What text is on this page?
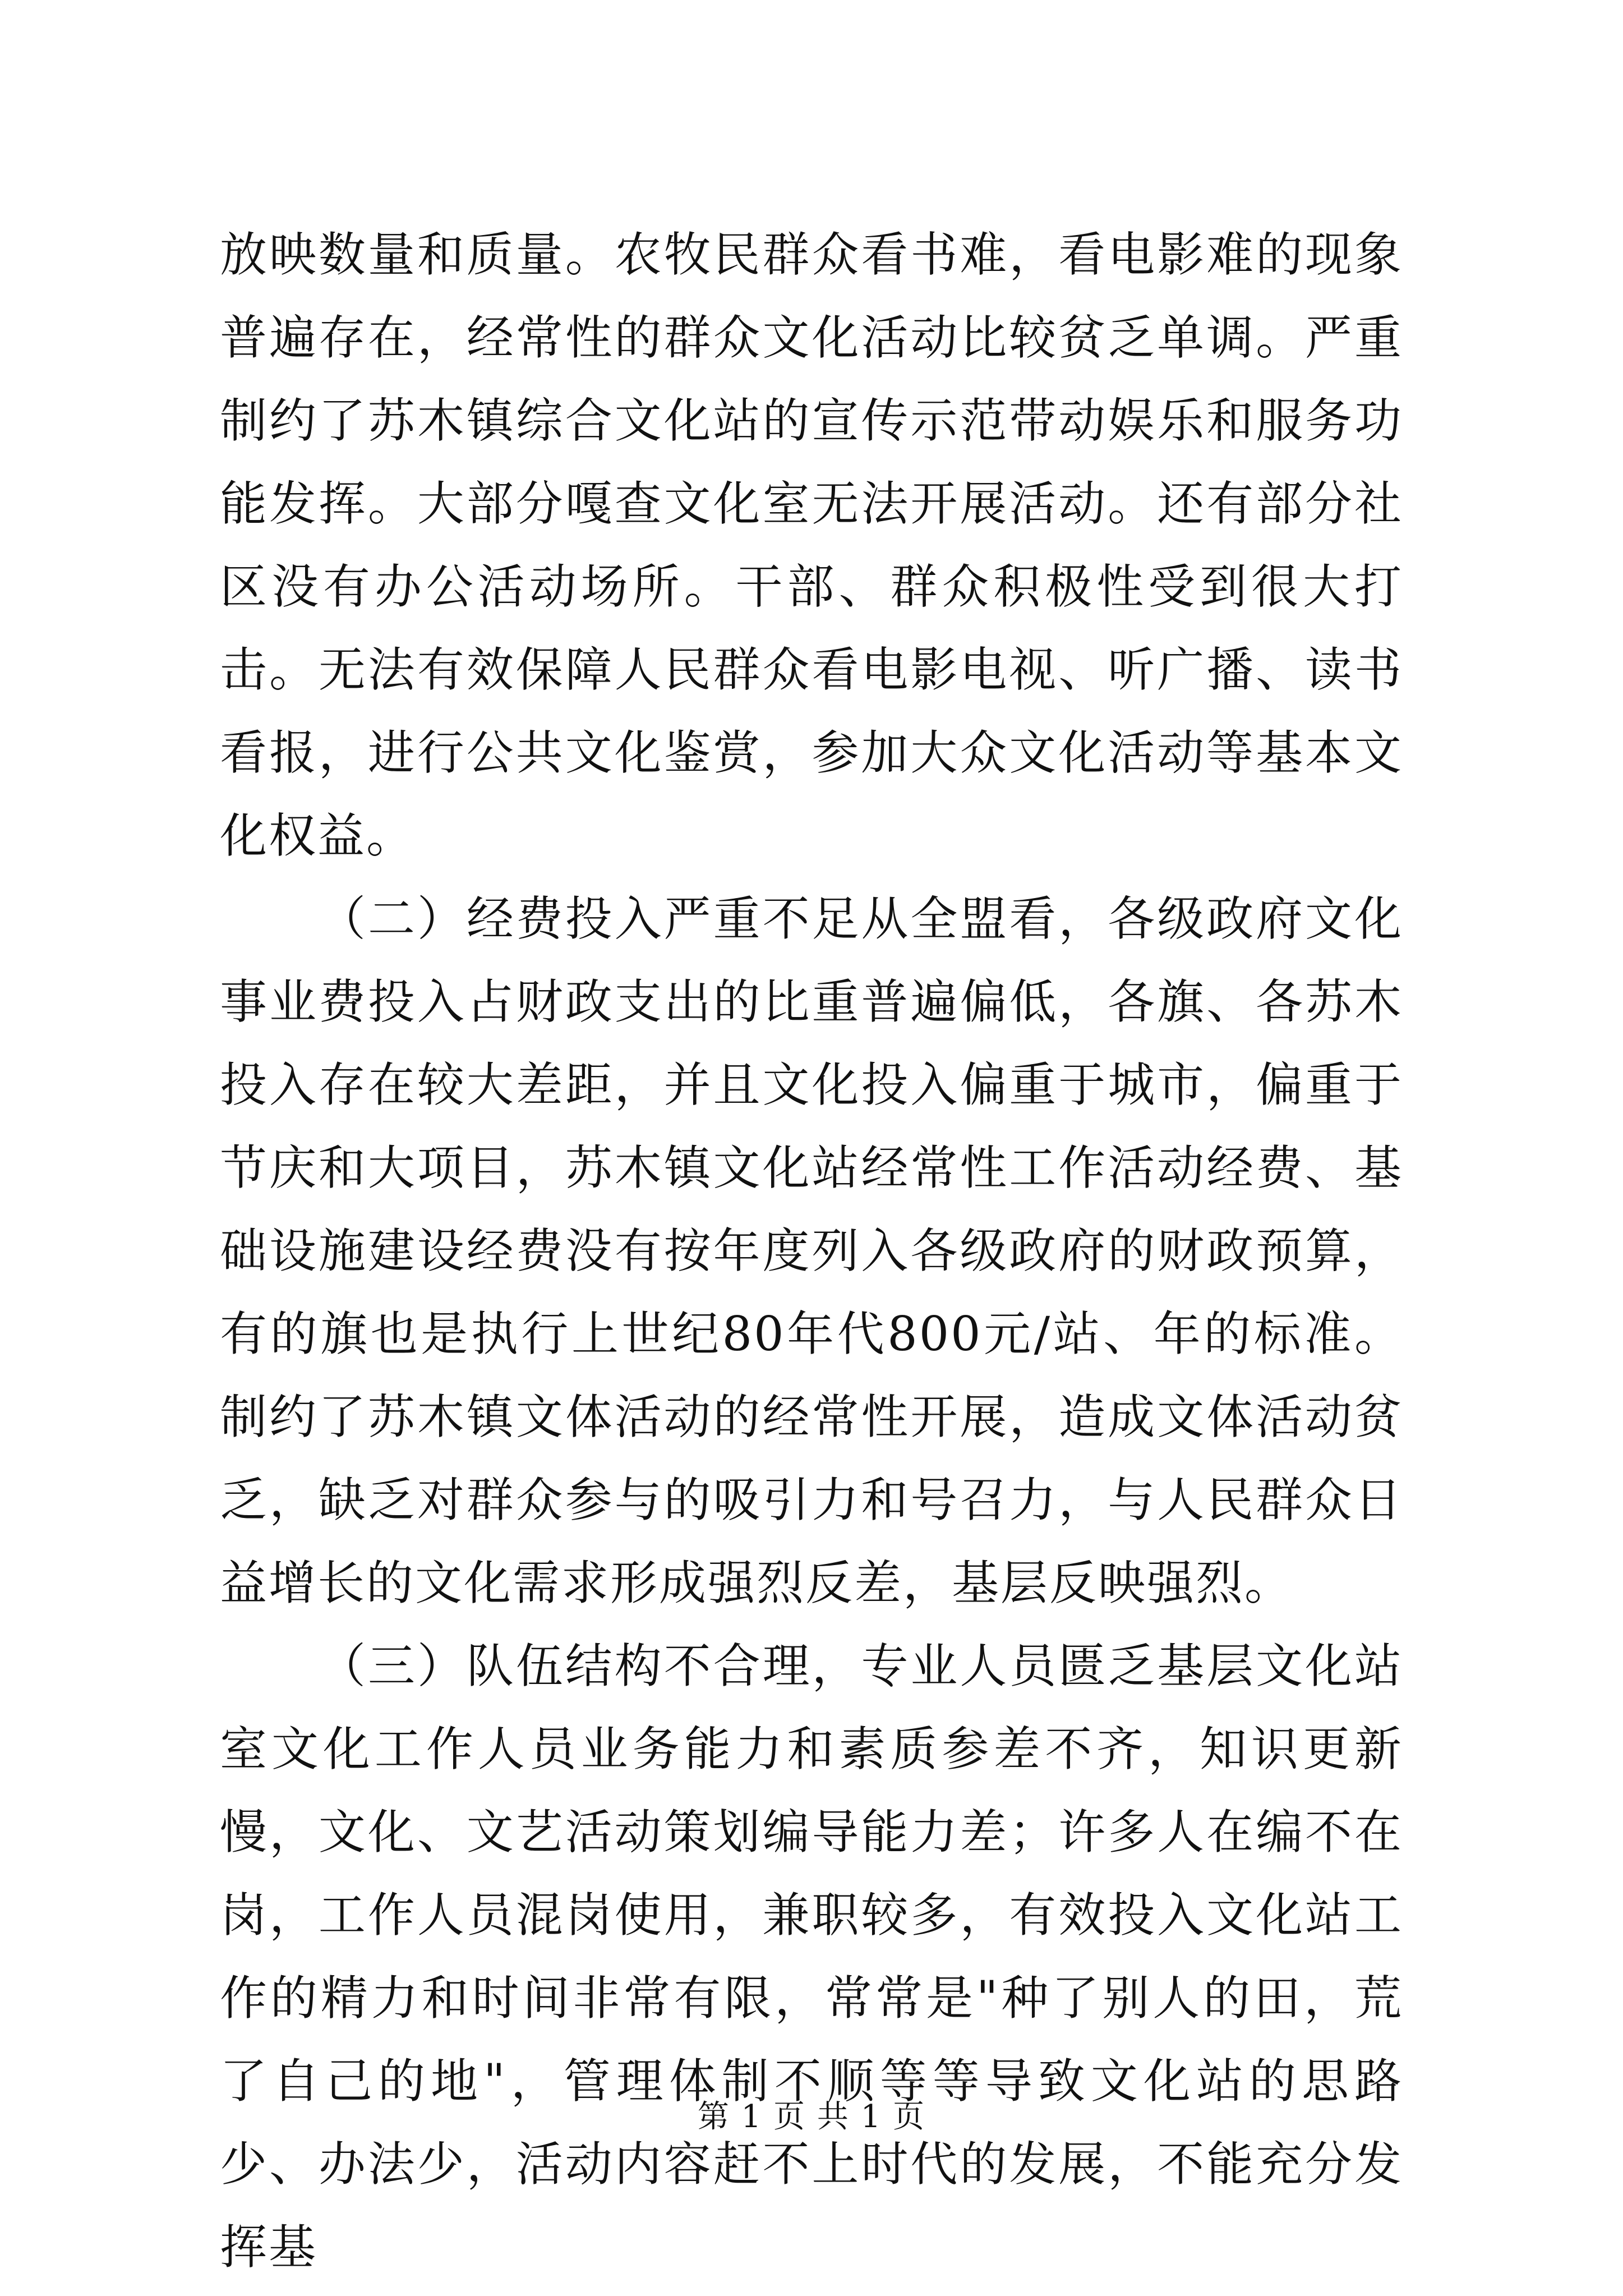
放映数量和质量。农牧民群众看书难，看电影难的现象普遍存在，经常性的群众文化活动比较贫乏单调。严重制约了苏木镇综合文化站的宣传示范带动娱乐和服务功能发挥。大部分嘎查文化室无法开展活动。还有部分社区没有办公活动场所。干部、群众积极性受到很大打击。无法有效保障人民群众看电影电视、听广播、读书看报，进行公共文化鉴赏，参加大众文化活动等基本文化权益。

（二）经费投入严重不足从全盟看，各级政府文化事业费投入占财政支出的比重普遍偏低，各旗、各苏木投入存在较大差距，并且文化投入偏重于城市，偏重于节庆和大项目，苏木镇文化站经常性工作活动经费、基础设施建设经费没有按年度列入各级政府的财政预算，有的旗也是执行上世纪80年代800元/站、年的标准。制约了苏木镇文体活动的经常性开展，造成文体活动贫乏，缺乏对群众参与的吸引力和号召力，与人民群众日益增长的文化需求形成强烈反差，基层反映强烈。

（三）队伍结构不合理，专业人员匮乏基层文化站室文化工作人员业务能力和素质参差不齐，知识更新慢，文化、文艺活动策划编导能力差；许多人在编不在岗，工作人员混岗使用，兼职较多，有效投入文化站工作的精力和时间非常有限，常常是"种了别人的田，荒了自己的地"，管理体制不顺等等导致文化站的思路少、办法少，活动内容赶不上时代的发展，不能充分发挥基

第 1 页 共 1 页
